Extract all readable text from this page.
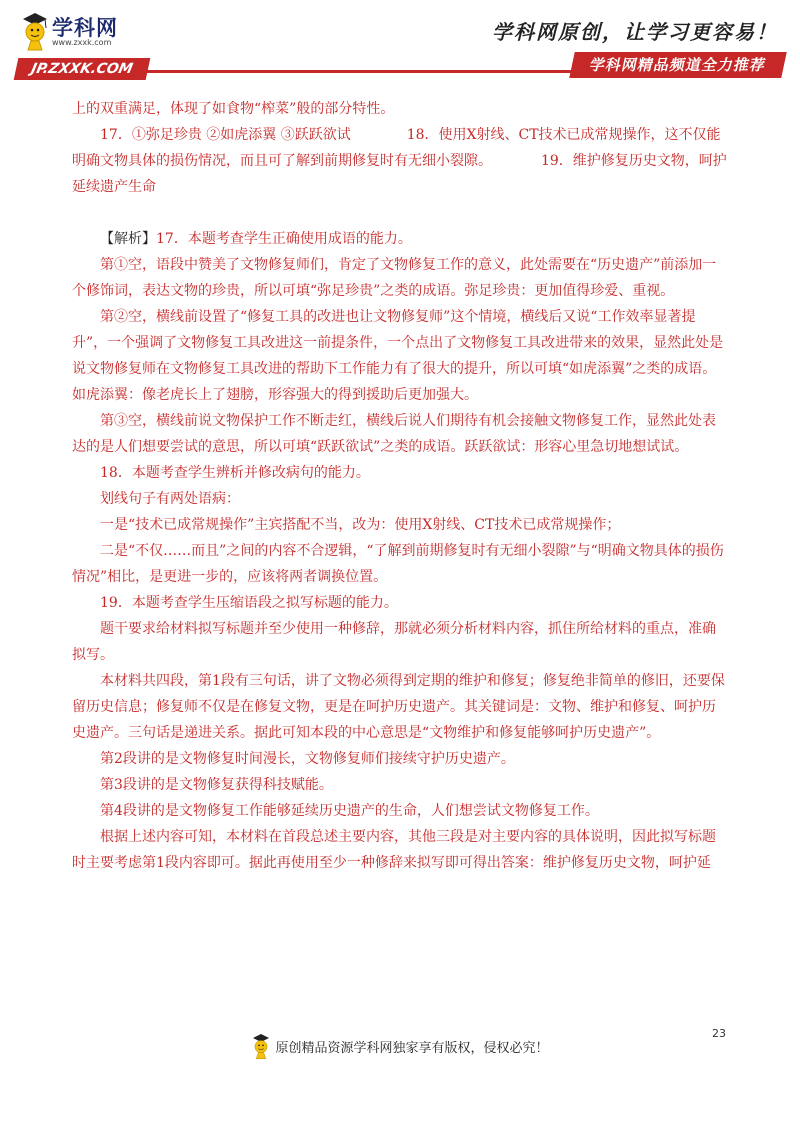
学科网
www.zxxk.com
JP.ZXXK.COM
学科网原创，让学习更容易！
学科网精品频道全力推荐

上的双重满足，体现了如食物“榨菜”般的部分特性。

17．①弥足珍贵 ②如虎添翼 ③跃跃欲试　　　　18．使用X射线、CT技术已成常规操作，这不仅能明确文物具体的损伤情况，而且可了解到前期修复时有无细小裂隙。　　　　19．维护修复历史文物，呵护延续遗产生命

【解析】17．本题考查学生正确使用成语的能力。

第①空，语段中赞美了文物修复师们，肯定了文物修复工作的意义，此处需要在“历史遗产”前添加一个修饰词，表达文物的珍贵，所以可填“弥足珍贵”之类的成语。弥足珍贵：更加值得珍爱、重视。

第②空，横线前设置了“修复工具的改进也让文物修复师”这个情境，横线后又说“工作效率显著提升”，一个强调了文物修复工具改进这一前提条件，一个点出了文物修复工具改进带来的效果，显然此处是说文物修复师在文物修复工具改进的帮助下工作能力有了很大的提升，所以可填“如虎添翼”之类的成语。如虎添翼：像老虎长上了翅膀，形容强大的得到援助后更加强大。

第③空，横线前说文物保护工作不断走红，横线后说人们期待有机会接触文物修复工作，显然此处表达的是人们想要尝试的意思，所以可填“跃跃欲试”之类的成语。跃跃欲试：形容心里急切地想试试。

18．本题考查学生辨析并修改病句的能力。

划线句子有两处语病：

一是“技术已成常规操作”主宾搭配不当，改为：使用X射线、CT技术已成常规操作；

二是“不仅……而且”之间的内容不合逻辑，“了解到前期修复时有无细小裂隙”与“明确文物具体的损伤情况”相比，是更进一步的，应该将两者调换位置。

19．本题考查学生压缩语段之拟写标题的能力。

题干要求给材料拟写标题并至少使用一种修辞，那就必须分析材料内容，抓住所给材料的重点，准确拟写。

本材料共四段，第1段有三句话，讲了文物必须得到定期的维护和修复；修复绝非简单的修旧，还要保留历史信息；修复师不仅是在修复文物，更是在呵护历史遗产。其关键词是：文物、维护和修复、呵护历史遗产。三句话是递进关系。据此可知本段的中心意思是“文物维护和修复能够呵护历史遗产”。

第2段讲的是文物修复时间漫长，文物修复师们接续守护历史遗产。

第3段讲的是文物修复获得科技赋能。

第4段讲的是文物修复工作能够延续历史遗产的生命，人们想尝试文物修复工作。

根据上述内容可知，本材料在首段总述主要内容，其他三段是对主要内容的具体说明，因此拟写标题时主要考虑第1段内容即可。据此再使用至少一种修辞来拟写即可得出答案：维护修复历史文物，呵护延

23
原创精品资源学科网独家享有版权，侵权必究！
